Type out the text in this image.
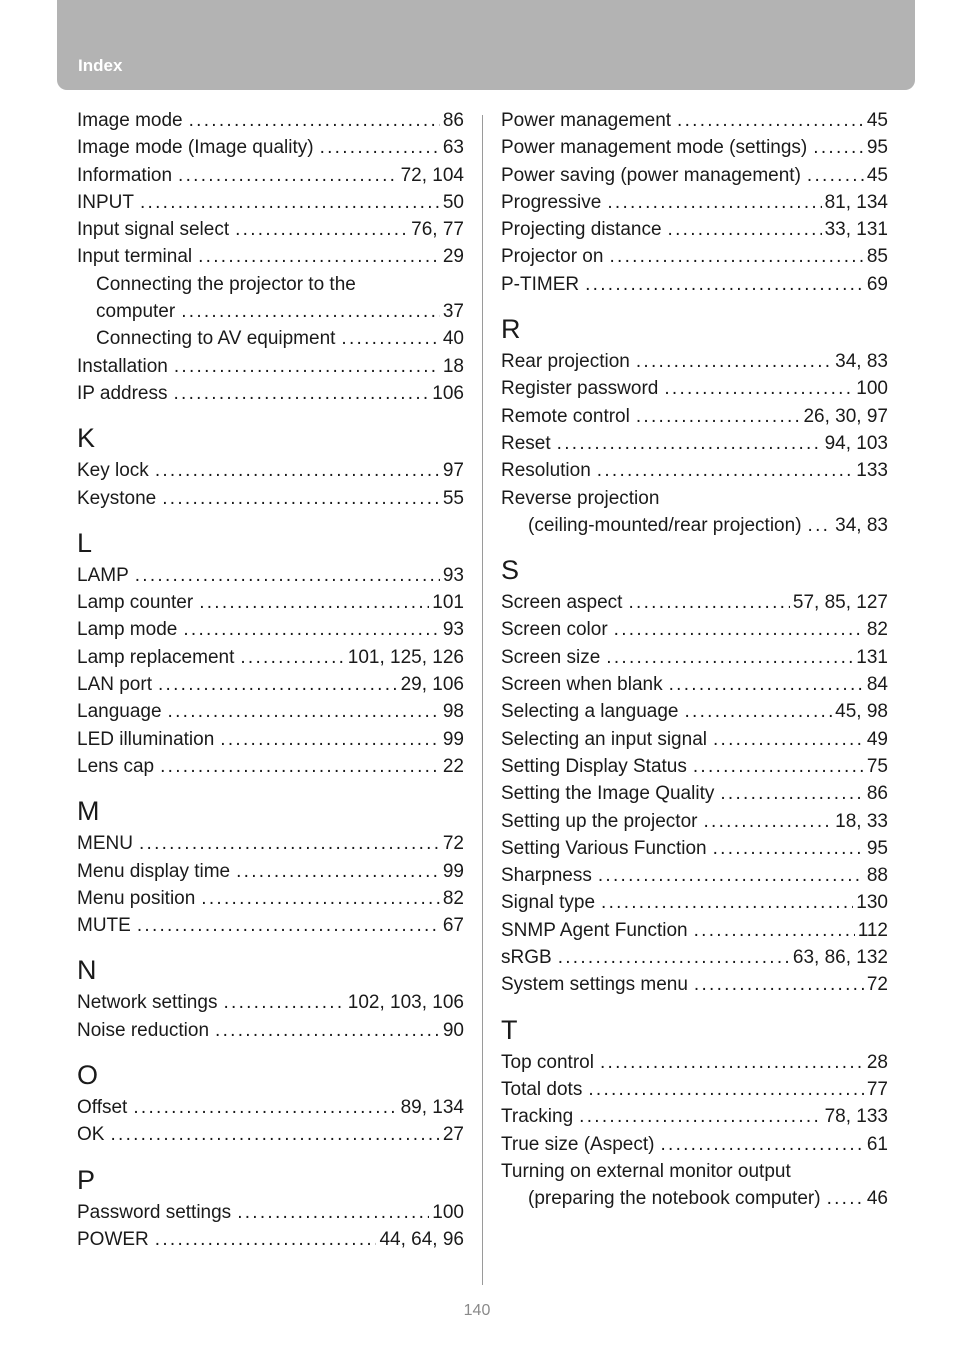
Index
Image mode . . .	86
Image mode (Image quality) . . .	63
Information . . .	72, 104
INPUT . . .	50
Input signal select . . .	76, 77
Input terminal . . .	29
Connecting the projector to the
computer . . .	37
Connecting to AV equipment . . .	40
Installation . . .	18
IP address . . .	106
K
Key lock . . .	97
Keystone . . .	55
L
LAMP . . .	93
Lamp counter . . .	101
Lamp mode . . .	93
Lamp replacement . . .	101, 125, 126
LAN port . . .	29, 106
Language . . .	98
LED illumination . . .	99
Lens cap . . .	22
M
MENU . . .	72
Menu display time . . .	99
Menu position . . .	82
MUTE . . .	67
N
Network settings . . .	102, 103, 106
Noise reduction . . .	90
O
Offset . . .	89, 134
OK . . .	27
P
Password settings . . .	100
POWER . . .	44, 64, 96
Power management . . .	45
Power management mode (settings) . . .	95
Power saving (power management) . . .	45
Progressive . . .	81, 134
Projecting distance . . .	33, 131
Projector on . . .	85
P-TIMER . . .	69
R
Rear projection . . .	34, 83
Register password . . .	100
Remote control . . .	26, 30, 97
Reset . . .	94, 103
Resolution . . .	133
Reverse projection
(ceiling-mounted/rear projection) . . . 34, 83
S
Screen aspect . . .	57, 85, 127
Screen color . . .	82
Screen size . . .	131
Screen when blank . . .	84
Selecting a language . . .	45, 98
Selecting an input signal . . .	49
Setting Display Status . . .	75
Setting the Image Quality . . .	86
Setting up the projector . . .	18, 33
Setting Various Function . . .	95
Sharpness . . .	88
Signal type . . .	130
SNMP Agent Function . . .	112
sRGB . . .	63, 86, 132
System settings menu . . .	72
T
Top control . . .	28
Total dots . . .	77
Tracking . . .	78, 133
True size (Aspect) . . .	61
Turning on external monitor output
(preparing the notebook computer) . . . 46
140
